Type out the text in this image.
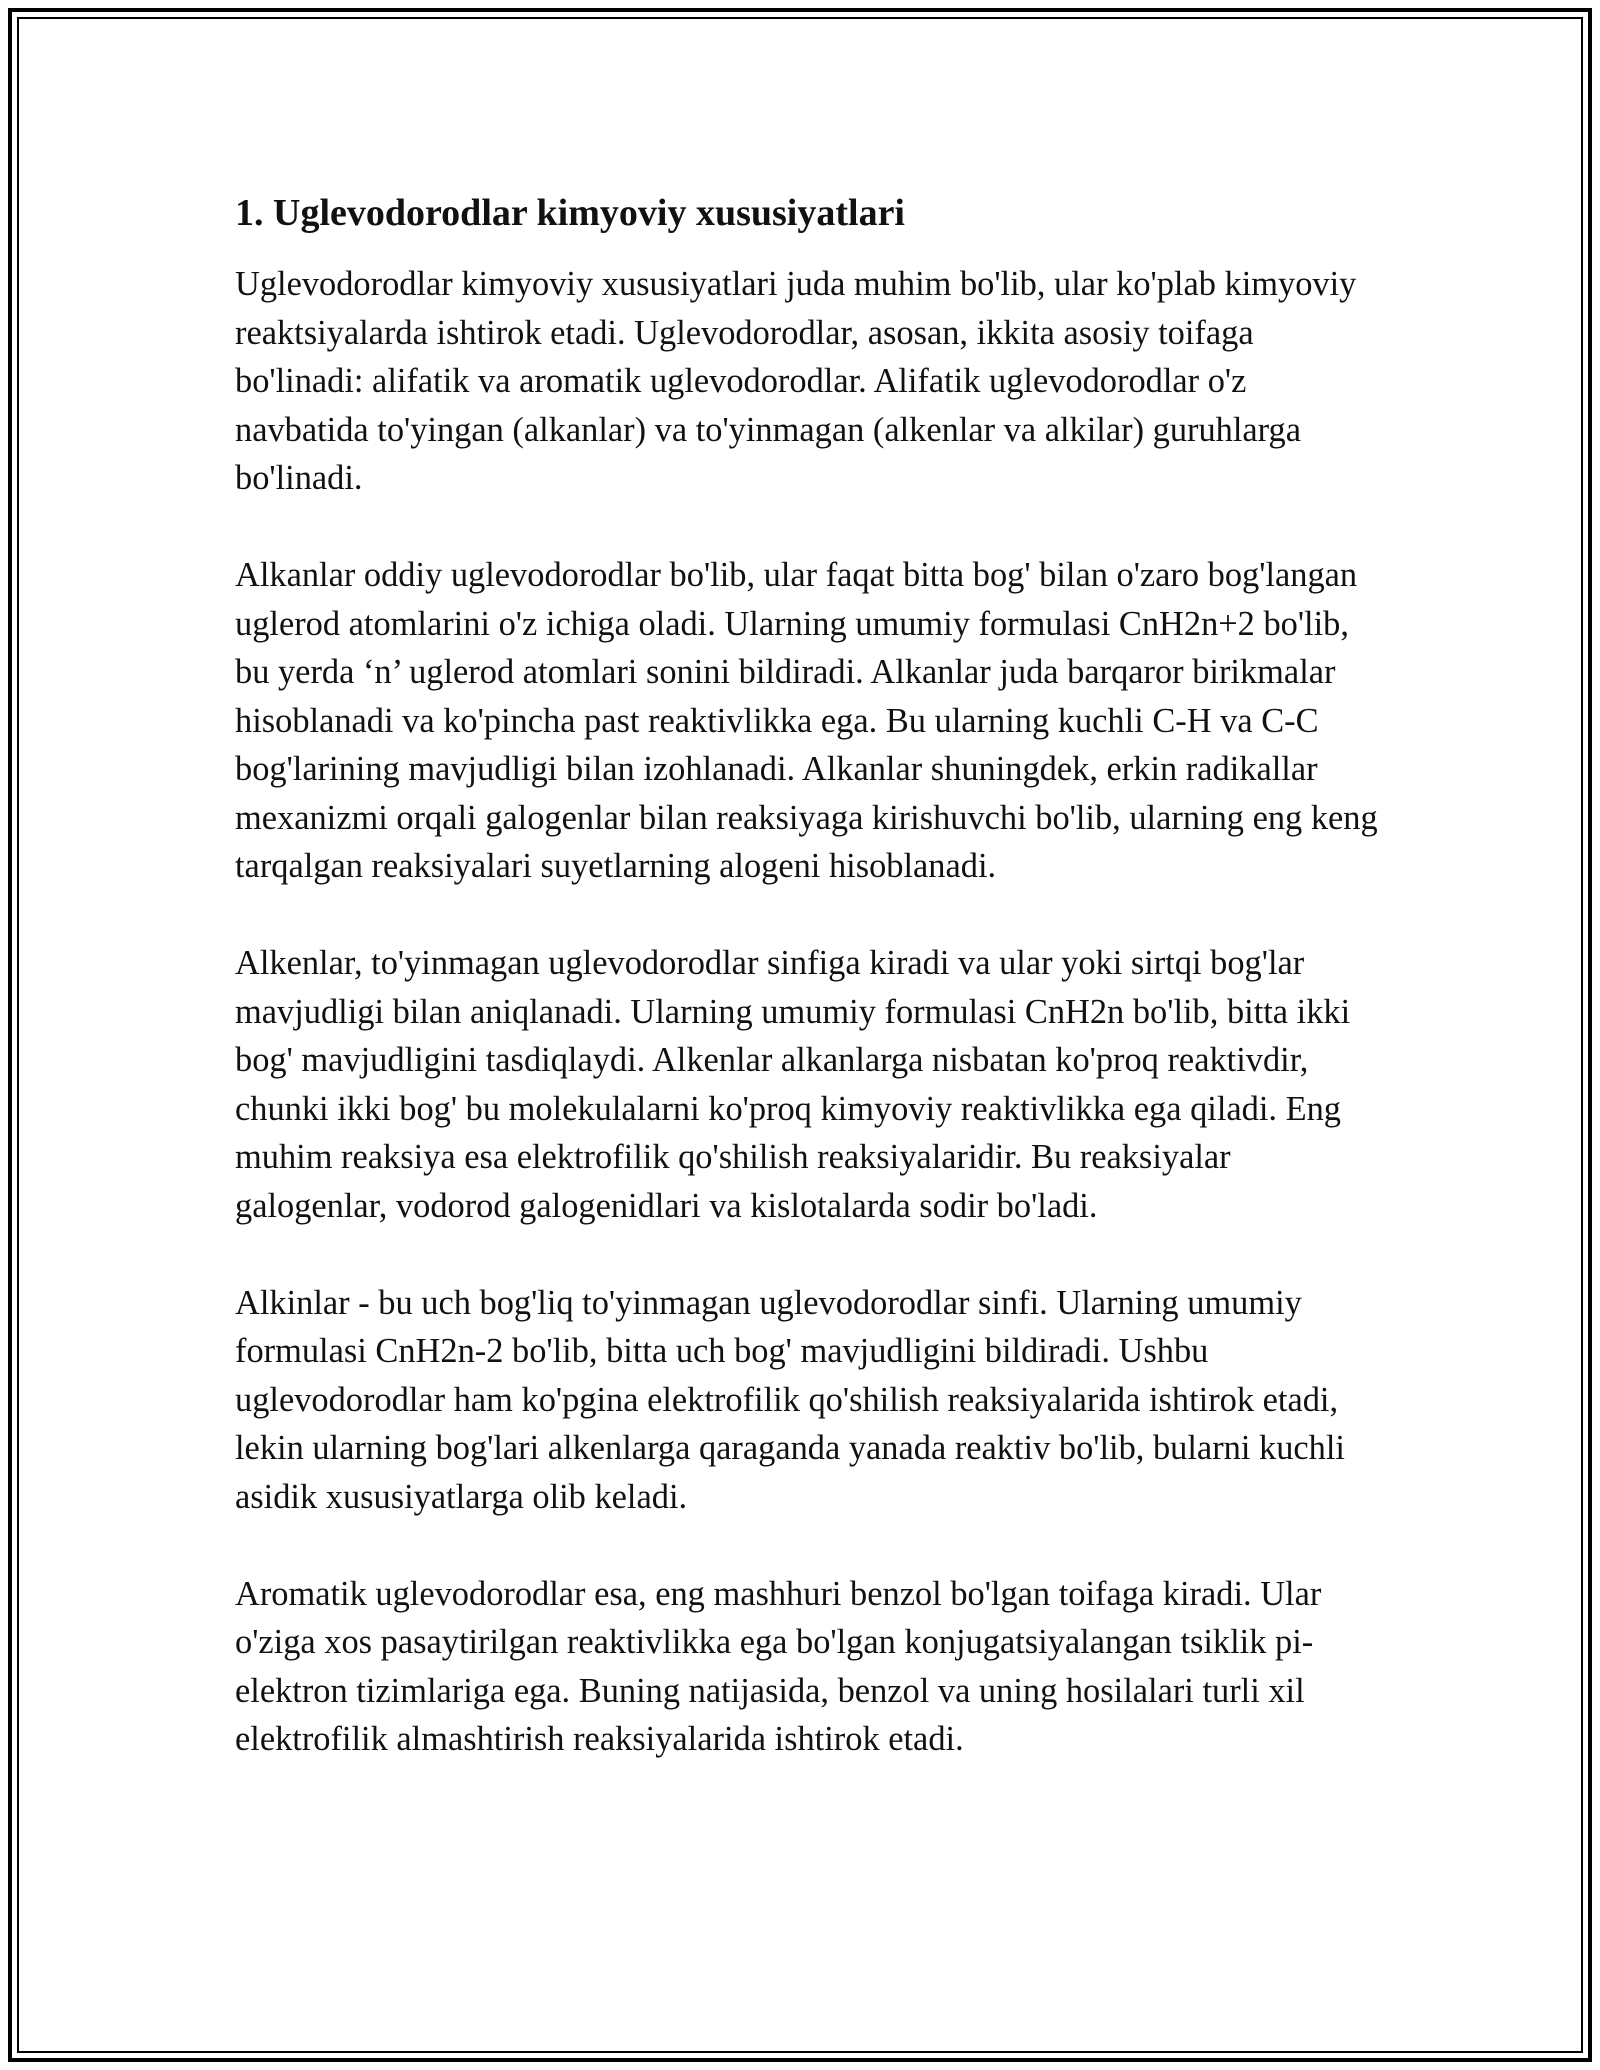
1. Uglevodorodlar kimyoviy xususiyatlari

Uglevodorodlar kimyoviy xususiyatlari juda muhim bo'lib, ular ko'plab kimyoviy reaktsiyalarda ishtirok etadi. Uglevodorodlar, asosan, ikkita asosiy toifaga bo'linadi: alifatik va aromatik uglevodorodlar. Alifatik uglevodorodlar o'z navbatida to'yingan (alkanlar) va to'yinmagan (alkenlar va alkilar) guruhlarga bo'linadi.

Alkanlar oddiy uglevodorodlar bo'lib, ular faqat bitta bog' bilan o'zaro bog'langan uglerod atomlarini o'z ichiga oladi. Ularning umumiy formulasi CnH2n+2 bo'lib, bu yerda ‘n’ uglerod atomlari sonini bildiradi. Alkanlar juda barqaror birikmalar hisoblanadi va ko'pincha past reaktivlikka ega. Bu ularning kuchli C-H va C-C bog'larining mavjudligi bilan izohlanadi. Alkanlar shuningdek, erkin radikallar mexanizmi orqali galogenlar bilan reaksiyaga kirishuvchi bo'lib, ularning eng keng tarqalgan reaksiyalari suyetlarning alogeni hisoblanadi.

Alkenlar, to'yinmagan uglevodorodlar sinfiga kiradi va ular yoki sirtqi bog'lar mavjudligi bilan aniqlanadi. Ularning umumiy formulasi CnH2n bo'lib, bitta ikki bog' mavjudligini tasdiqlaydi. Alkenlar alkanlarga nisbatan ko'proq reaktivdir, chunki ikki bog' bu molekulalarni ko'proq kimyoviy reaktivlikka ega qiladi. Eng muhim reaksiya esa elektrofilik qo'shilish reaksiyalaridir. Bu reaksiyalar galogenlar, vodorod galogenidlari va kislotalarda sodir bo'ladi.

Alkinlar - bu uch bog'liq to'yinmagan uglevodorodlar sinfi. Ularning umumiy formulasi CnH2n-2 bo'lib, bitta uch bog' mavjudligini bildiradi. Ushbu uglevodorodlar ham ko'pgina elektrofilik qo'shilish reaksiyalarida ishtirok etadi, lekin ularning bog'lari alkenlarga qaraganda yanada reaktiv bo'lib, bularni kuchli asidik xususiyatlarga olib keladi.

Aromatik uglevodorodlar esa, eng mashhuri benzol bo'lgan toifaga kiradi. Ular o'ziga xos pasaytirilgan reaktivlikka ega bo'lgan konjugatsiyalangan tsiklik pi-elektron tizimlariga ega. Buning natijasida, benzol va uning hosilalari turli xil elektrofilik almashtirish reaksiyalarida ishtirok etadi.
